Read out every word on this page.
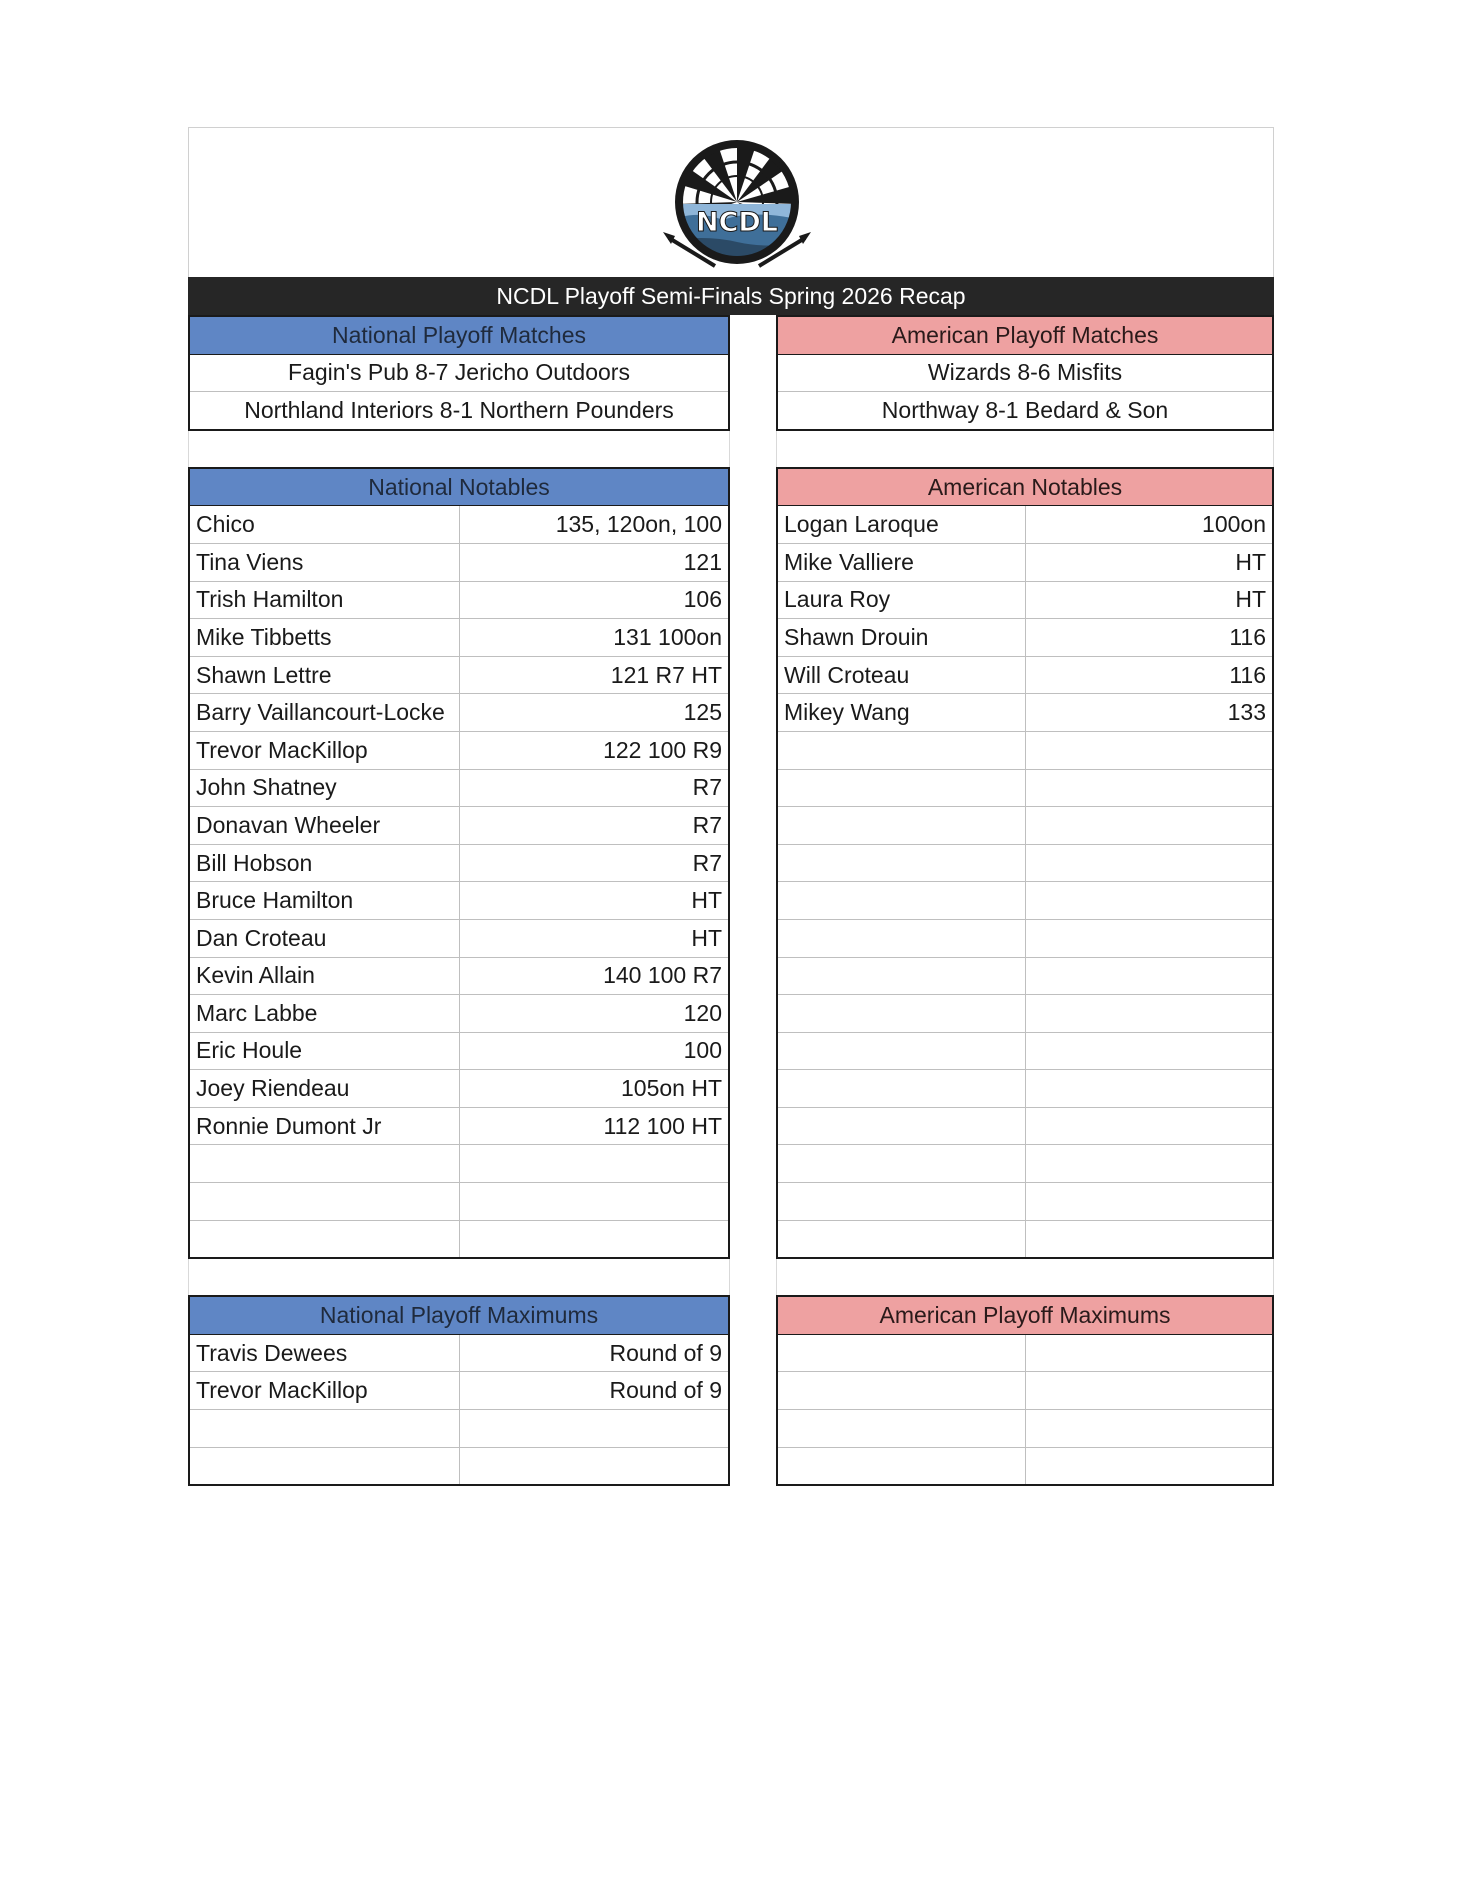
NCDL
NCDL Playoff Semi-Finals Spring 2026 Recap
National Playoff Matches
Fagin's Pub 8-7 Jericho Outdoors
Northland Interiors 8-1 Northern Pounders
National Notables	
Chico	135, 120on, 100
Tina Viens	121
Trish Hamilton	106
Mike Tibbetts	131 100on
Shawn Lettre	121 R7 HT
Barry Vaillancourt-Locke	125
Trevor MacKillop	122 100 R9
John Shatney	R7
Donavan Wheeler	R7
Bill Hobson	R7
Bruce Hamilton	HT
Dan Croteau	HT
Kevin Allain	140 100 R7
Marc Labbe	120
Eric Houle	100
Joey Riendeau	105on HT
Ronnie Dumont Jr	112 100 HT

National Playoff Maximums	
Travis Dewees	Round of 9
Trevor MacKillop	Round of 9

American Playoff Matches
Wizards 8-6 Misfits
Northway 8-1 Bedard & Son
American Notables	
Logan Laroque	100on
Mike Valliere	HT
Laura Roy	HT
Shawn Drouin	116
Will Croteau	116
Mikey Wang	133

American Playoff Maximums	
